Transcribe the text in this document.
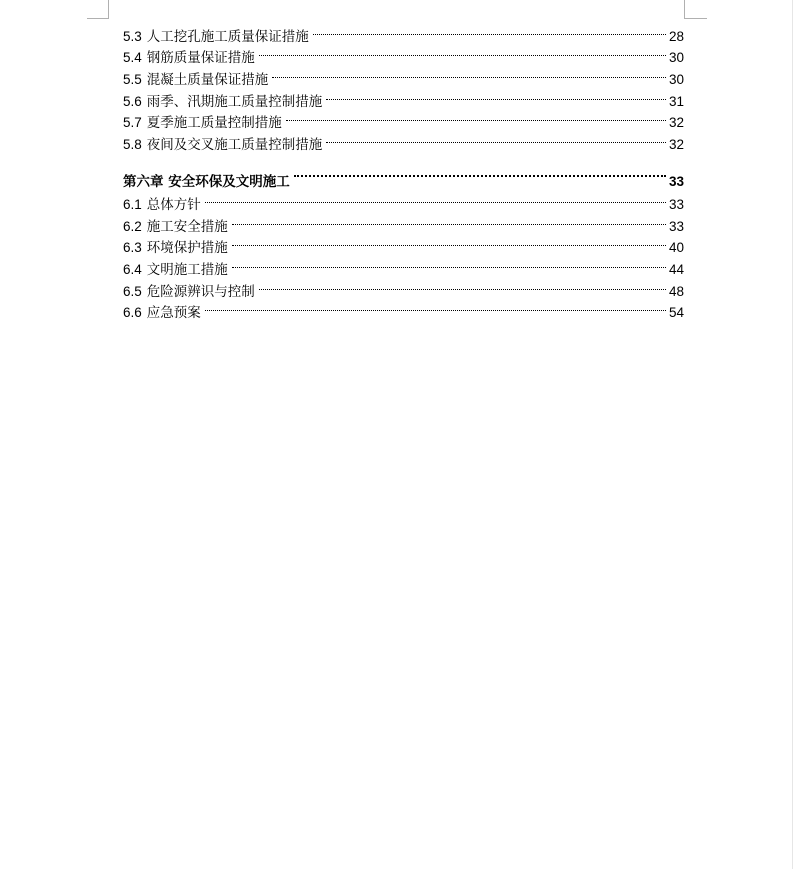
5.3 人工挖孔施工质量保证措施	28
5.4 钢筋质量保证措施	30
5.5 混凝土质量保证措施	30
5.6 雨季、汛期施工质量控制措施	31
5.7 夏季施工质量控制措施	32
5.8 夜间及交叉施工质量控制措施	32
第六章 安全环保及文明施工	33
6.1 总体方针	33
6.2 施工安全措施	33
6.3 环境保护措施	40
6.4 文明施工措施	44
6.5 危险源辨识与控制	48
6.6 应急预案	54
